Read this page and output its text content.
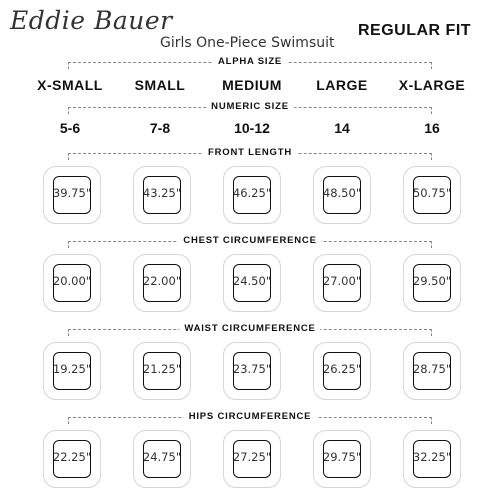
Eddie Bauer
Girls One-Piece Swimsuit
REGULAR FIT
ALPHA SIZE
X-SMALL SMALL	MEDIUM LARGE X-LARGE
NUMERIC SIZE
5-6	7-8	10-12	14	16
FRONT LENGTH
39.75"	43.25"	46.25"	48.50"	50.75"
CHEST CIRCUMFERENCE
20.00"	22.00"	24.50"	27.00"	29.50"
WAIST CIRCUMFERENCE
19.25"	21.25"	23.75"	26.25"	28.75"
HIPS CIRCUMFERENCE
22.25"	24.75"	27.25"	29.75"	32.25"
